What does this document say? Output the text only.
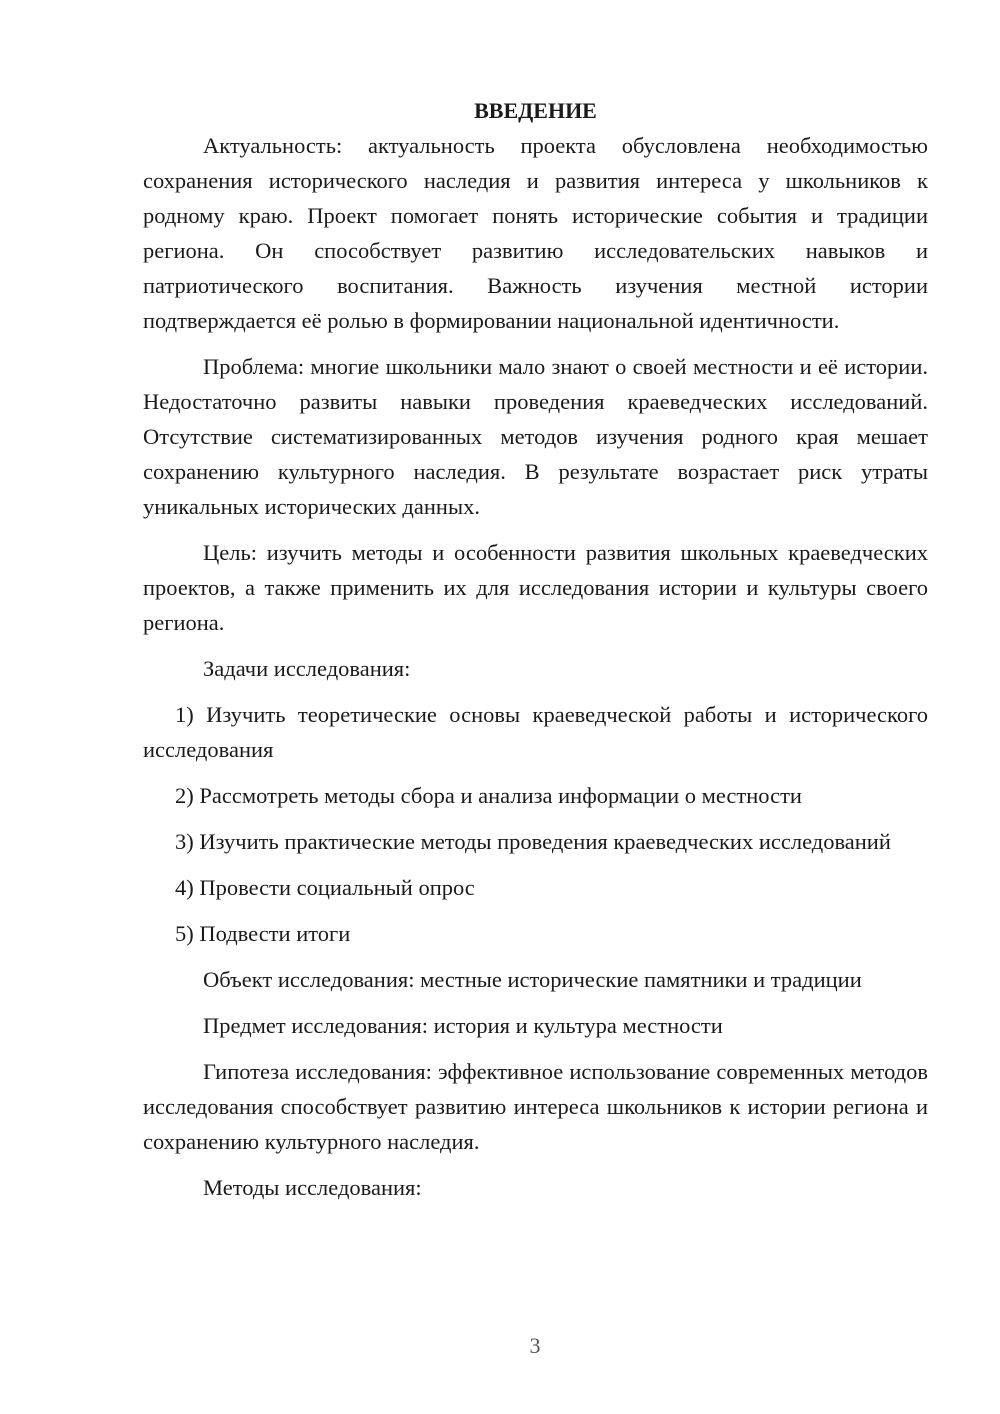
ВВЕДЕНИЕ

Актуальность: актуальность проекта обусловлена необходимостью сохранения исторического наследия и развития интереса у школьников к родному краю. Проект помогает понять исторические события и традиции региона. Он способствует развитию исследовательских навыков и патриотического воспитания. Важность изучения местной истории подтверждается её ролью в формировании национальной идентичности.

Проблема: многие школьники мало знают о своей местности и её истории. Недостаточно развиты навыки проведения краеведческих исследований. Отсутствие систематизированных методов изучения родного края мешает сохранению культурного наследия. В результате возрастает риск утраты уникальных исторических данных.

Цель: изучить методы и особенности развития школьных краеведческих проектов, а также применить их для исследования истории и культуры своего региона.

Задачи исследования:

1) Изучить теоретические основы краеведческой работы и исторического исследования

2) Рассмотреть методы сбора и анализа информации о местности

3) Изучить практические методы проведения краеведческих исследований

4) Провести социальный опрос

5) Подвести итоги

Объект исследования: местные исторические памятники и традиции

Предмет исследования: история и культура местности

Гипотеза исследования: эффективное использование современных методов исследования способствует развитию интереса школьников к истории региона и сохранению культурного наследия.

Методы исследования:

3
